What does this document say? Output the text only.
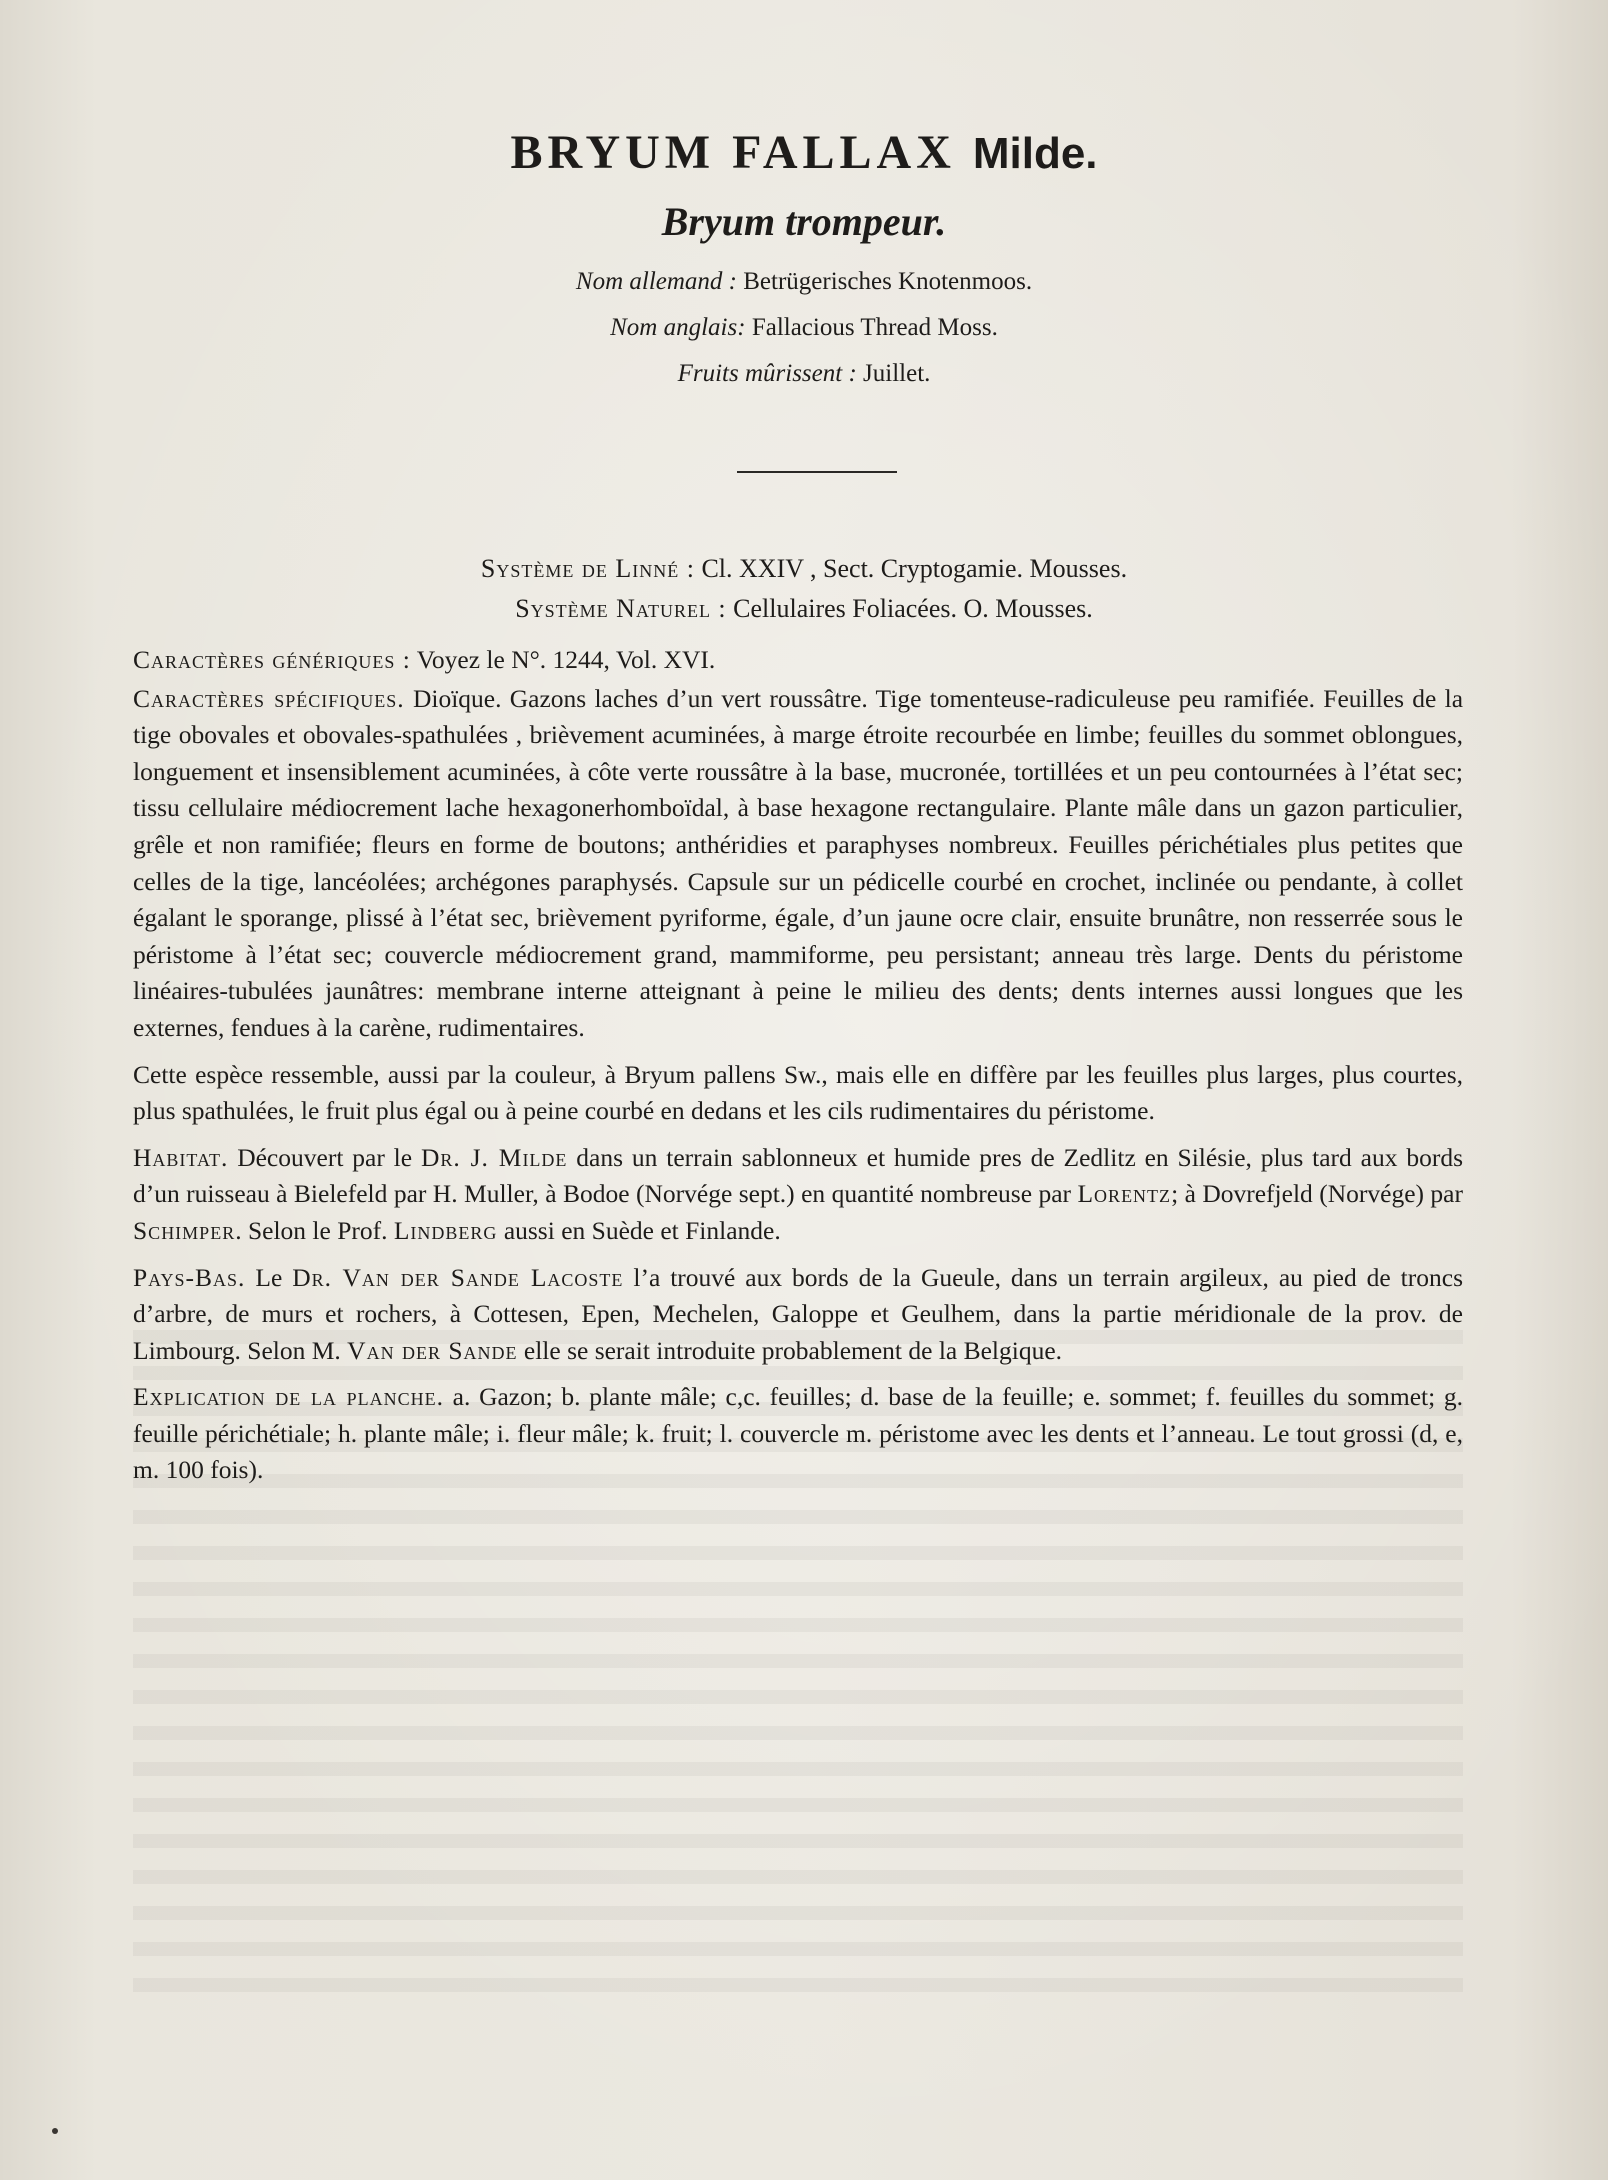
BRYUM FALLAX Milde.
Bryum trompeur.
Nom allemand : Betrügerisches Knotenmoos.
Nom anglais: Fallacious Thread Moss.
Fruits mûrissent : Juillet.
Système de Linné : Cl. XXIV , Sect. Cryptogamie. Mousses.
Système Naturel : Cellulaires Foliacées. O. Mousses.

Caractères génériques : Voyez le N°. 1244, Vol. XVI.

Caractères spécifiques. Dioïque. Gazons laches d’un vert roussâtre. Tige tomenteuse-radiculeuse peu ramifiée. Feuilles de la tige obovales et obovales-spathulées , brièvement acuminées, à marge étroite recourbée en limbe; feuilles du sommet oblongues, longuement et insensiblement acuminées, à côte verte roussâtre à la base, mucronée, tortillées et un peu contournées à l’état sec; tissu cellulaire médiocrement lache hexagonerhomboïdal, à base hexagone rectangulaire. Plante mâle dans un gazon particulier, grêle et non ramifiée; fleurs en forme de boutons; anthéridies et paraphyses nombreux. Feuilles périchétiales plus petites que celles de la tige, lancéolées; archégones paraphysés. Capsule sur un pédicelle courbé en crochet, inclinée ou pendante, à collet égalant le sporange, plissé à l’état sec, brièvement pyriforme, égale, d’un jaune ocre clair, ensuite brunâtre, non resserrée sous le péristome à l’état sec; couvercle médiocrement grand, mammiforme, peu persistant; anneau très large. Dents du péristome linéaires-tubulées jaunâtres: membrane interne atteignant à peine le milieu des dents; dents internes aussi longues que les externes, fendues à la carène, rudimentaires.

Cette espèce ressemble, aussi par la couleur, à Bryum pallens Sw., mais elle en diffère par les feuilles plus larges, plus courtes, plus spathulées, le fruit plus égal ou à peine courbé en dedans et les cils rudimentaires du péristome.

Habitat. Découvert par le Dr. J. Milde dans un terrain sablonneux et humide pres de Zedlitz en Silésie, plus tard aux bords d’un ruisseau à Bielefeld par H. Muller, à Bodoe (Norvége sept.) en quantité nombreuse par Lorentz; à Dovrefjeld (Norvége) par Schimper. Selon le Prof. Lindberg aussi en Suède et Finlande.

Pays-Bas. Le Dr. Van der Sande Lacoste l’a trouvé aux bords de la Gueule, dans un terrain argileux, au pied de troncs d’arbre, de murs et rochers, à Cottesen, Epen, Mechelen, Galoppe et Geulhem, dans la partie méridionale de la prov. de Limbourg. Selon M. Van der Sande elle se serait introduite probablement de la Belgique.

Explication de la planche. a. Gazon; b. plante mâle; c,c. feuilles; d. base de la feuille; e. sommet; f. feuilles du sommet; g. feuille périchétiale; h. plante mâle; i. fleur mâle; k. fruit; l. couvercle m. péristome avec les dents et l’anneau. Le tout grossi (d, e, m. 100 fois).
